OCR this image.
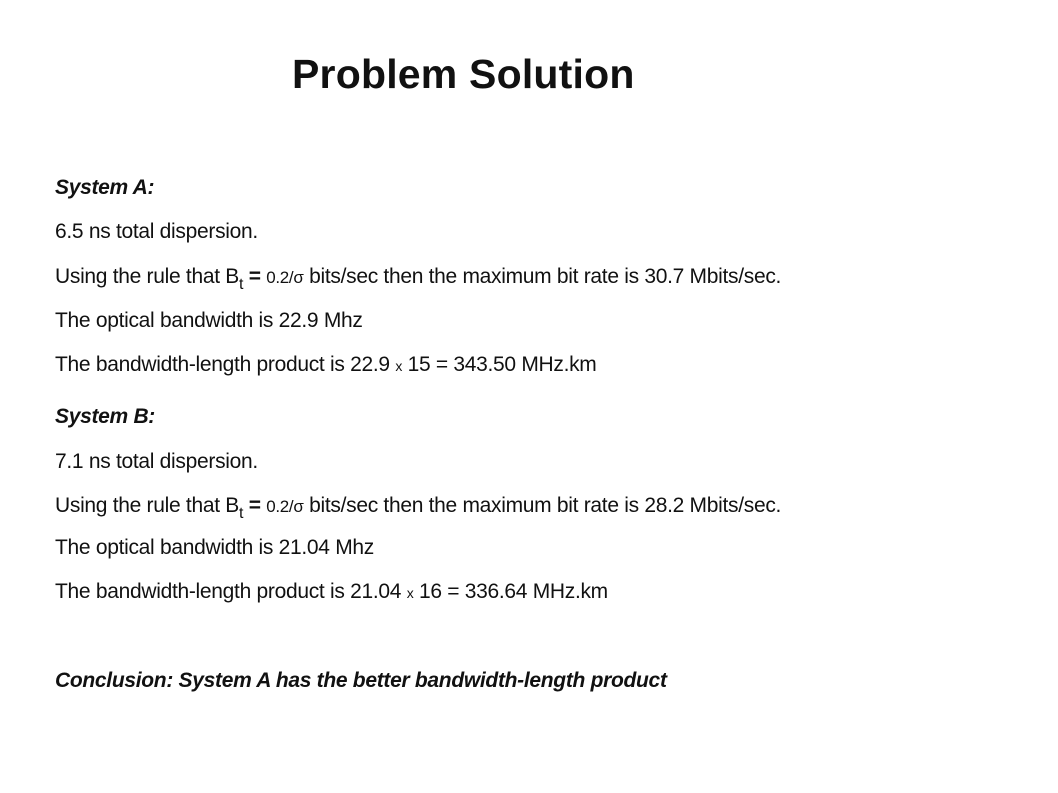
Problem Solution
System A:
6.5 ns total dispersion.
Using the rule that $B_t = 0.2/\sigma$ bits/sec then the maximum bit rate is 30.7 Mbits/sec.
The optical bandwidth is 22.9 Mhz
The bandwidth-length product is 22.9 x 15 = 343.50 MHz.km
System B:
7.1 ns total dispersion.
Using the rule that $B_t = 0.2/\sigma$ bits/sec then the maximum bit rate is 28.2 Mbits/sec.
The optical bandwidth is 21.04 Mhz
The bandwidth-length product is 21.04 x 16 = 336.64 MHz.km
Conclusion: System A has the better bandwidth-length product
